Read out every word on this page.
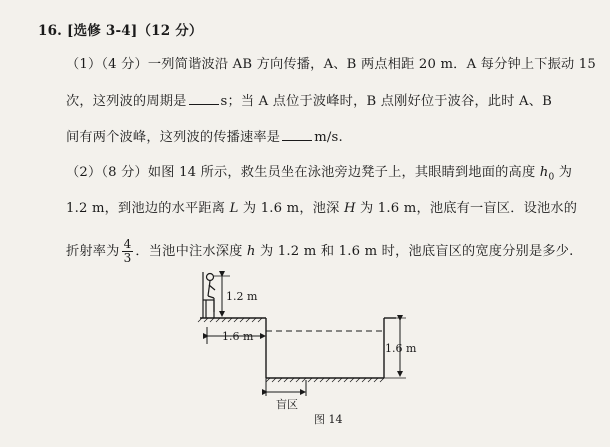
16. [选修 3-4]（12 分）
（1）（4 分）一列简谐波沿 AB 方向传播，A、B 两点相距 20 m．A 每分钟上下振动 15
次，这列波的周期是	s；当 A 点位于波峰时，B 点刚好位于波谷，此时 A、B
间有两个波峰，这列波的传播速率是	m/s.
（2）（8 分）如图 14 所示，救生员坐在泳池旁边凳子上，其眼睛到地面的高度 $h_0$ 为
1.2 m，到池边的水平距离 L 为 1.6 m，池深 H 为 1.6 m，池底有一盲区．设池水的
折射率为 $\frac{4}{3}$ ．当池中注水深度 h 为 1.2 m 和 1.6 m 时，池底盲区的宽度分别是多少.
1.2 m
1.6 m
1.6 m
盲区
图 14
